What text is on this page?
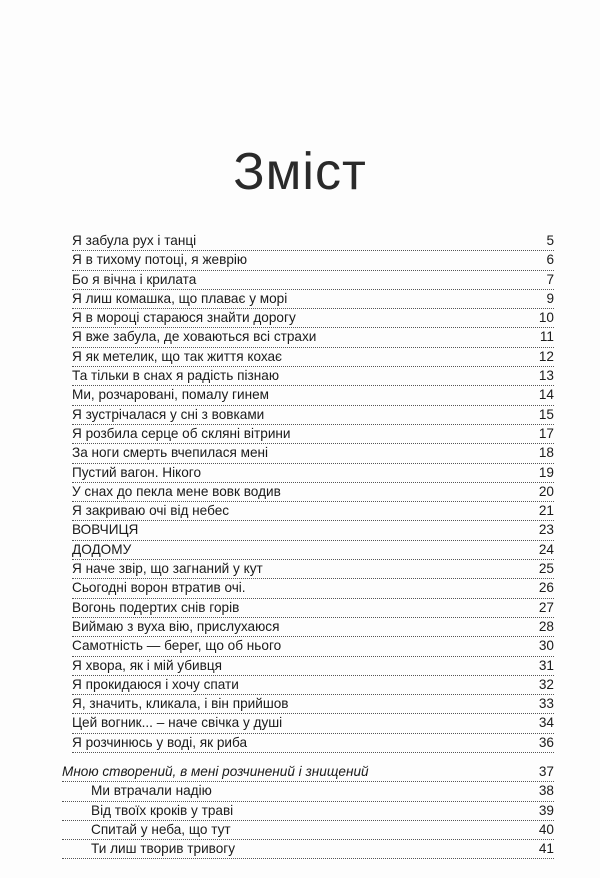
Зміст
Я забула рух і танці	5
Я в тихому потоці, я жеврію	6
Бо я вічна і крилата	7
Я лиш комашка, що плаває у морі	9
Я в мороці стараюся знайти дорогу	10
Я вже забула, де ховаються всі страхи	11
Я як метелик, що так життя кохає	12
Та тільки в снах я радість пізнаю	13
Ми, розчаровані, помалу гинем	14
Я зустрічалася у сні з вовками	15
Я розбила серце об скляні вітрини	17
За ноги смерть вчепилася мені	18
Пустий вагон. Нікого	19
У снах до пекла мене вовк водив	20
Я закриваю очі від небес	21
ВОВЧИЦЯ	23
ДОДОМУ	24
Я наче звір, що загнаний у кут	25
Сьогодні ворон втратив очі.	26
Вогонь подертих снів горів	27
Виймаю з вуха вію, прислухаюся	28
Самотність — берег, що об нього	30
Я хвора, як і мій убивця	31
Я прокидаюся і хочу спати	32
Я, значить, кликала, і він прийшов	33
Цей вогник... – наче свічка у душі	34
Я розчинюсь у воді, як риба	36
Мною створений, в мені розчинений і знищений	37
Ми втрачали надію	38
Від твоїх кроків у траві	39
Спитай у неба, що тут	40
Ти лиш творив тривогу	41
